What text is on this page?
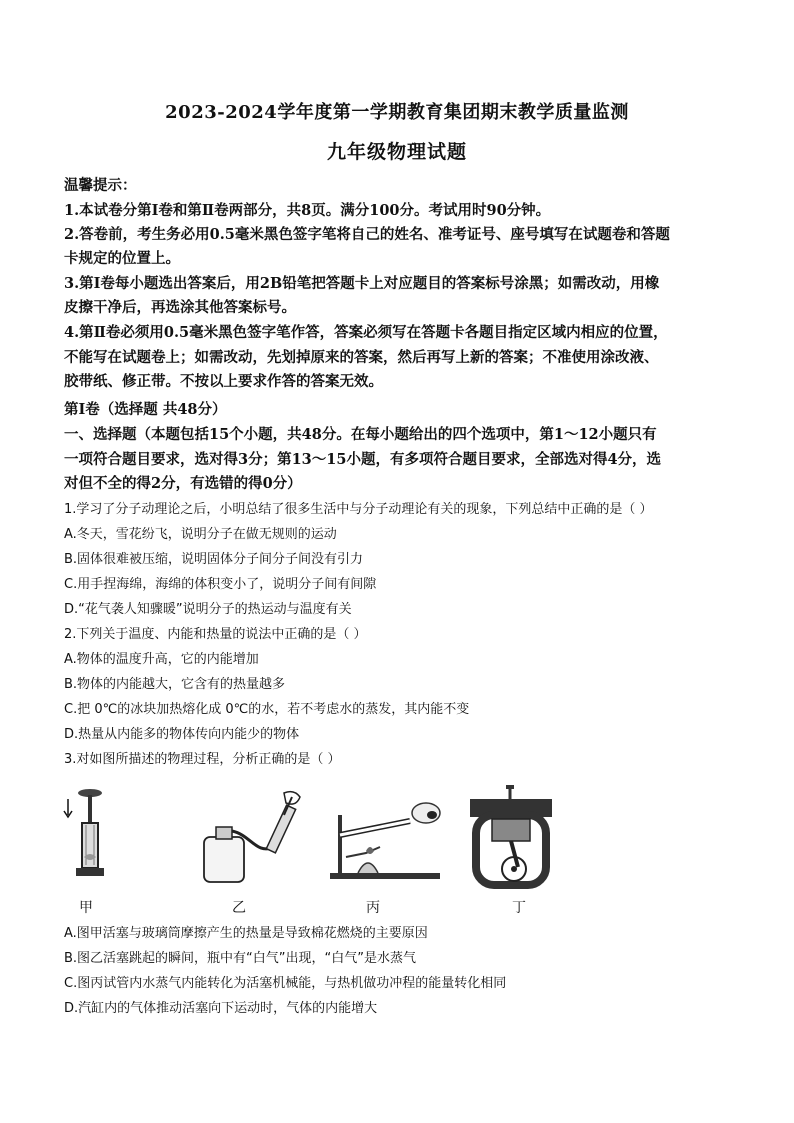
2023-2024学年度第一学期教育集团期末教学质量监测
九年级物理试题
温馨提示：
1.本试卷分第Ⅰ卷和第Ⅱ卷两部分，共8页。满分100分。考试用时90分钟。
2.答卷前，考生务必用0.5毫米黑色签字笔将自己的姓名、准考证号、座号填写在试题卷和答题
卡规定的位置上。
3.第Ⅰ卷每小题选出答案后，用2B铅笔把答题卡上对应题目的答案标号涂黑；如需改动，用橡
皮擦干净后，再选涂其他答案标号。
4.第Ⅱ卷必须用0.5毫米黑色签字笔作答，答案必须写在答题卡各题目指定区域内相应的位置，
不能写在试题卷上；如需改动，先划掉原来的答案，然后再写上新的答案；不准使用涂改液、
胶带纸、修正带。不按以上要求作答的答案无效。
第Ⅰ卷（选择题 共48分）
一、选择题（本题包括15个小题，共48分。在每小题给出的四个选项中，第1～12小题只有
一项符合题目要求，选对得3分；第13～15小题，有多项符合题目要求，全部选对得4分，选
对但不全的得2分，有选错的得0分）
1.学习了分子动理论之后，小明总结了很多生活中与分子动理论有关的现象，下列总结中正确的是（ ）
A.冬天，雪花纷飞，说明分子在做无规则的运动
B.固体很难被压缩，说明固体分子间分子间没有引力
C.用手捏海绵，海绵的体积变小了，说明分子间有间隙
D.“花气袭人知骤暖”说明分子的热运动与温度有关
2.下列关于温度、内能和热量的说法中正确的是（ ）
A.物体的温度升高，它的内能增加
B.物体的内能越大，它含有的热量越多
C.把 0℃的冰块加热熔化成 0℃的水，若不考虑水的蒸发，其内能不变
D.热量从内能多的物体传向内能少的物体
3.对如图所描述的物理过程，分析正确的是（ ）
甲	乙	丙	丁
A.图甲活塞与玻璃筒摩擦产生的热量是导致棉花燃烧的主要原因
B.图乙活塞跳起的瞬间，瓶中有“白气”出现，“白气”是水蒸气
C.图丙试管内水蒸气内能转化为活塞机械能，与热机做功冲程的能量转化相同
D.汽缸内的气体推动活塞向下运动时，气体的内能增大
